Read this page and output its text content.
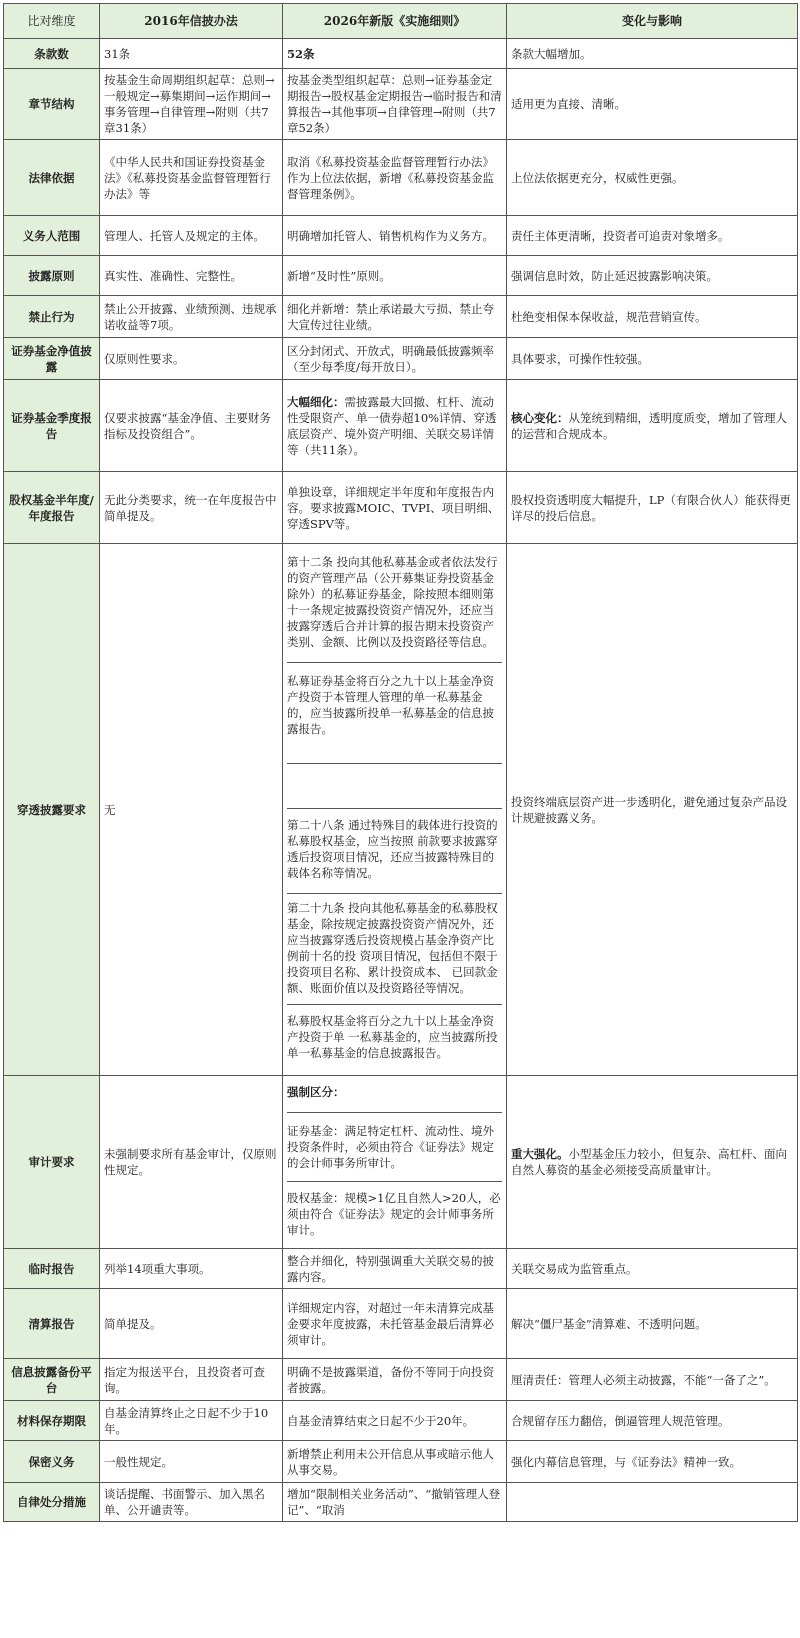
比对维度	2016年信披办法	2026年新版《实施细则》	变化与影响
条款数	31条	52条	条款大幅增加。
章节结构	按基金生命周期组织起草：总则→一般规定→募集期间→运作期间→事务管理→自律管理→附则（共7章31条）	按基金类型组织起草：总则→证券基金定期报告→股权基金定期报告→临时报告和清算报告→其他事项→自律管理→附则（共7章52条）	适用更为直接、清晰。
法律依据	《中华人民共和国证券投资基金法》《私募投资基金监督管理暂行办法》等	取消《私募投资基金监督管理暂行办法》作为上位法依据，新增《私募投资基金监督管理条例》。	上位法依据更充分，权威性更强。
义务人范围	管理人、托管人及规定的主体。	明确增加托管人、销售机构作为义务方。	责任主体更清晰，投资者可追责对象增多。
披露原则	真实性、准确性、完整性。	新增“及时性”原则。	强调信息时效，防止延迟披露影响决策。
禁止行为	禁止公开披露、业绩预测、违规承诺收益等7项。	细化并新增：禁止承诺最大亏损、禁止夸大宣传过往业绩。	杜绝变相保本保收益，规范营销宣传。
证券基金净值披露	仅原则性要求。	区分封闭式、开放式，明确最低披露频率（至少每季度/每开放日）。	具体要求，可操作性较强。
证券基金季度报告	仅要求披露“基金净值、主要财务指标及投资组合”。	大幅细化：需披露最大回撤、杠杆、流动性受限资产、单一债券超10%详情、穿透底层资产、境外资产明细、关联交易详情等（共11条）。	核心变化：从笼统到精细，透明度质变，增加了管理人的运营和合规成本。
股权基金半年度/年度报告	无此分类要求，统一在年度报告中简单提及。	单独设章，详细规定半年度和年度报告内容。要求披露MOIC、TVPI、项目明细、穿透SPV等。	股权投资透明度大幅提升，LP（有限合伙人）能获得更详尽的投后信息。
穿透披露要求	无	第十二条 投向其他私募基金或者依法发行的资产管理产品（公开募集证券投资基金除外）的私募证券基金，除按照本细则第十一条规定披露投资资产情况外，还应当披露穿透后合并计算的报告期末投资资产类别、金额、比例以及投资路径等信息。
私募证券基金将百分之九十以上基金净资产投资于本管理人管理的单一私募基金的，应当披露所投单一私募基金的信息披露报告。
第二十八条 通过特殊目的载体进行投资的私募股权基金，应当按照 前款要求披露穿透后投资项目情况，还应当披露特殊目的载体名称等情况。
第二十九条 投向其他私募基金的私募股权基金，除按规定披露投资资产情况外，还应当披露穿透后投资规模占基金净资产比例前十名的投 资项目情况，包括但不限于投资项目名称、累计投资成本、 已回款金额、账面价值以及投资路径等情况。
私募股权基金将百分之九十以上基金净资产投资于单 一私募基金的，应当披露所投单一私募基金的信息披露报告。	投资终端底层资产进一步透明化，避免通过复杂产品设计规避披露义务。
审计要求	未强制要求所有基金审计，仅原则性规定。	强制区分：
证券基金：满足特定杠杆、流动性、境外投资条件时，必须由符合《证券法》规定的会计师事务所审计。
股权基金：规模>1亿且自然人>20人，必须由符合《证券法》规定的会计师事务所审计。	重大强化。小型基金压力较小，但复杂、高杠杆、面向自然人募资的基金必须接受高质量审计。
临时报告	列举14项重大事项。	整合并细化，特别强调重大关联交易的披露内容。	关联交易成为监管重点。
清算报告	简单提及。	详细规定内容，对超过一年未清算完成基金要求年度披露，未托管基金最后清算必须审计。	解决“僵尸基金”清算难、不透明问题。
信息披露备份平台	指定为报送平台，且投资者可查询。	明确不是披露渠道，备份不等同于向投资者披露。	厘清责任：管理人必须主动披露，不能“一备了之”。
材料保存期限	自基金清算终止之日起不少于10年。	自基金清算结束之日起不少于20年。	合规留存压力翻倍，倒逼管理人规范管理。
保密义务	一般性规定。	新增禁止利用未公开信息从事或暗示他人从事交易。	强化内幕信息管理，与《证券法》精神一致。
自律处分措施	谈话提醒、书面警示、加入黑名单、公开谴责等。	增加“限制相关业务活动”、“撤销管理人登记”、“取消	
